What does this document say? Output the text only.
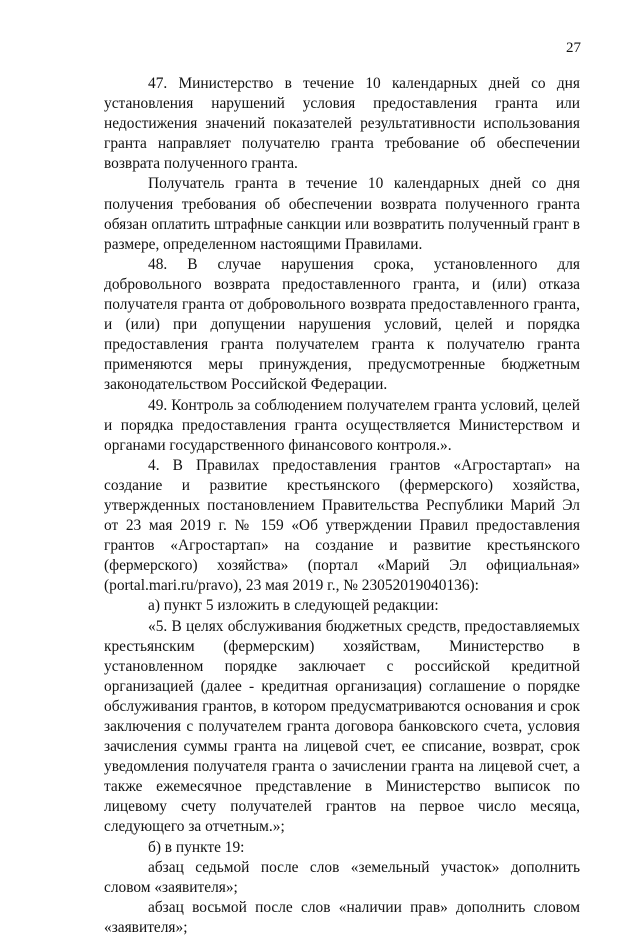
27

47. Министерство в течение 10 календарных дней со дня установления нарушений условия предоставления гранта или недостижения значений показателей результативности использования гранта направляет получателю гранта требование об обеспечении возврата полученного гранта.

Получатель гранта в течение 10 календарных дней со дня получения требования об обеспечении возврата полученного гранта обязан оплатить штрафные санкции или возвратить полученный грант в размере, определенном настоящими Правилами.

48. В случае нарушения срока, установленного для добровольного возврата предоставленного гранта, и (или) отказа получателя гранта от добровольного возврата предоставленного гранта, и (или) при допущении нарушения условий, целей и порядка предоставления гранта получателем гранта к получателю гранта применяются меры принуждения, предусмотренные бюджетным законодательством Российской Федерации.

49. Контроль за соблюдением получателем гранта условий, целей и порядка предоставления гранта осуществляется Министерством и органами государственного финансового контроля.».

4. В Правилах предоставления грантов «Агростартап» на создание и развитие крестьянского (фермерского) хозяйства, утвержденных постановлением Правительства Республики Марий Эл от 23 мая 2019 г. № 159 «Об утверждении Правил предоставления грантов «Агростартап» на создание и развитие крестьянского (фермерского) хозяйства» (портал «Марий Эл официальная» (portal.mari.ru/pravo), 23 мая 2019 г., № 23052019040136):

а) пункт 5 изложить в следующей редакции:

«5. В целях обслуживания бюджетных средств, предоставляемых крестьянским (фермерским) хозяйствам, Министерство в установленном порядке заключает с российской кредитной организацией (далее - кредитная организация) соглашение о порядке обслуживания грантов, в котором предусматриваются основания и срок заключения с получателем гранта договора банковского счета, условия зачисления суммы гранта на лицевой счет, ее списание, возврат, срок уведомления получателя гранта о зачислении гранта на лицевой счет, а также ежемесячное представление в Министерство выписок по лицевому счету получателей грантов на первое число месяца, следующего за отчетным.»;

б) в пункте 19:

абзац седьмой после слов «земельный участок» дополнить словом «заявителя»;

абзац восьмой после слов «наличии прав» дополнить словом «заявителя»;
